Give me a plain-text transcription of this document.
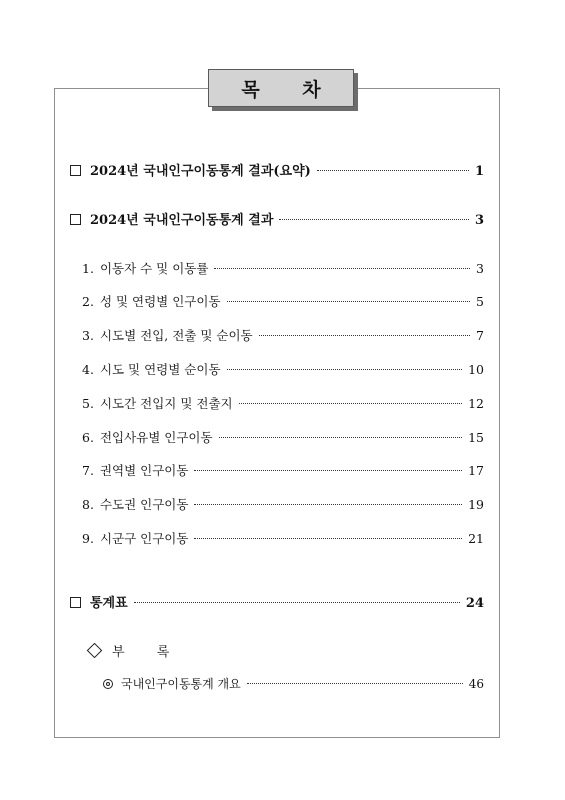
목 차
2024년 국내인구이동통계 결과(요약)	1
2024년 국내인구이동통계 결과	3
1. 이동자 수 및 이동률	3
2. 성 및 연령별 인구이동	5
3. 시도별 전입, 전출 및 순이동	7
4. 시도 및 연령별 순이동	10
5. 시도간 전입지 및 전출지	12
6. 전입사유별 인구이동	15
7. 권역별 인구이동	17
8. 수도권 인구이동	19
9. 시군구 인구이동	21
통계표	24
부 록
국내인구이동통계 개요	46
